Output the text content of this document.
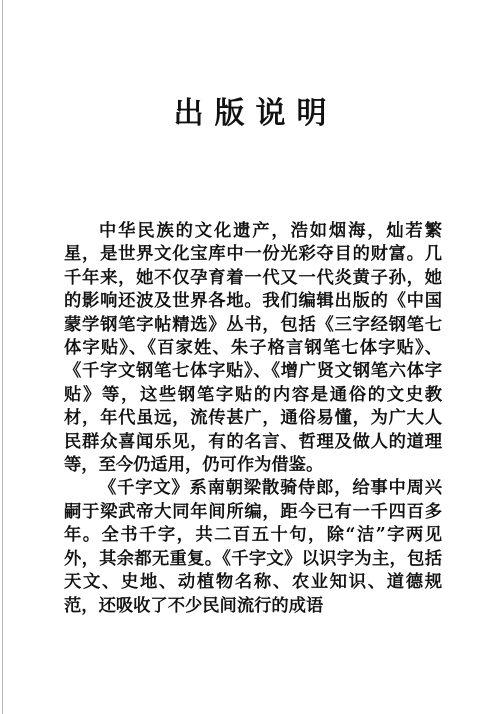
出版说明

中华民族的文化遗产，浩如烟海，灿若繁星，是世界文化宝库中一份光彩夺目的财富。几千年来，她不仅孕育着一代又一代炎黄子孙，她的影响还波及世界各地。我们编辑出版的《中国蒙学钢笔字帖精选》丛书，包括《三字经钢笔七体字贴》、《百家姓、朱子格言钢笔七体字贴》、《千字文钢笔七体字贴》、《增广贤文钢笔六体字贴》等，这些钢笔字贴的内容是通俗的文史教材，年代虽远，流传甚广，通俗易懂，为广大人民群众喜闻乐见，有的名言、哲理及做人的道理等，至今仍适用，仍可作为借鉴。

《千字文》系南朝梁散骑侍郎，给事中周兴嗣于梁武帝大同年间所编，距今已有一千四百多年。全书千字，共二百五十句，除“洁”字两见外，其余都无重复。《千字文》以识字为主，包括天文、史地、动植物名称、农业知识、道德规范，还吸收了不少民间流行的成语
